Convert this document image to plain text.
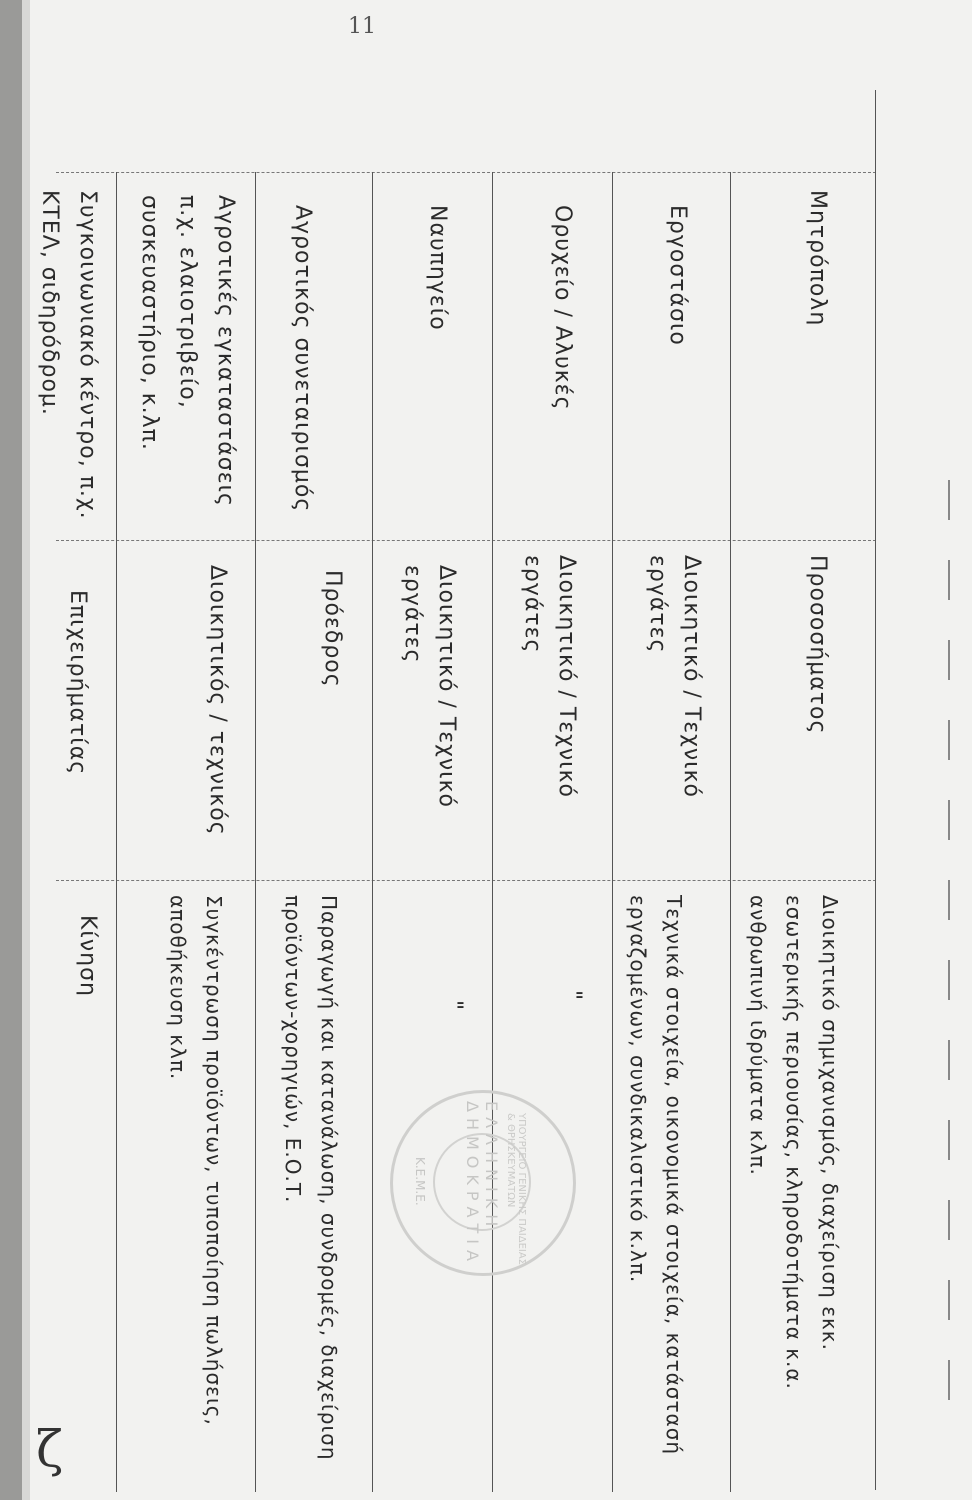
11
Μητρόπολη
Προσοσήματος
Διοικητικό σημιχανισμός, διαχείριση εκκ. εσωτερικής περιουσίας, κληροδοτήματα κ.α. ανθρωπινή ιδρύματα κλπ.
Εργοστάσιο
Διοικητικό / Τεχνικό εργάτες
Τεχνικά στοιχεία, οικονομικά στοιχεία, κατάστασή εργαζομένων, συνδικαλιστικό κ.λπ.
Ορυχείο / Αλυκές
Διοικητικό / Τεχνικό εργάτες
"
Ναυπηγείο
Διοικητικό / Τεχνικό εργάτες
"
Αγροτικός συνεταιρισμός
Πρόεδρος
Παραγωγή και κατανάλωση, συνδρομές, διαχείριση προϊόντων-χορηγιών, Ε.Ο.Τ.
Αγροτικές εγκαταστάσεις π.χ. ελαιοτριβείο, συσκευαστήριο, κ.λπ.
Διοικητικός / τεχνικός
Συγκέντρωση προϊόντων, τυποποίηση πωλήσεις, αποθήκευση κλπ.
Συγκοινωνιακό κέντρο, π.χ. ΚΤΕΛ, σιδηρόδρομ.
Επιχειρήματίας
Κίνηση
ΕΛΛΗΝΙΚΗ ΔΗΜΟΚΡΑΤΙΑ	ΥΠΟΥΡΓΕΙΟ ΓΕΝΙΚΗΣ ΠΑΙΔΕΙΑΣ & ΘΡΗΣΚΕΥΜΑΤΩΝ
Κ.Ε.Μ.Ε.
ζ
